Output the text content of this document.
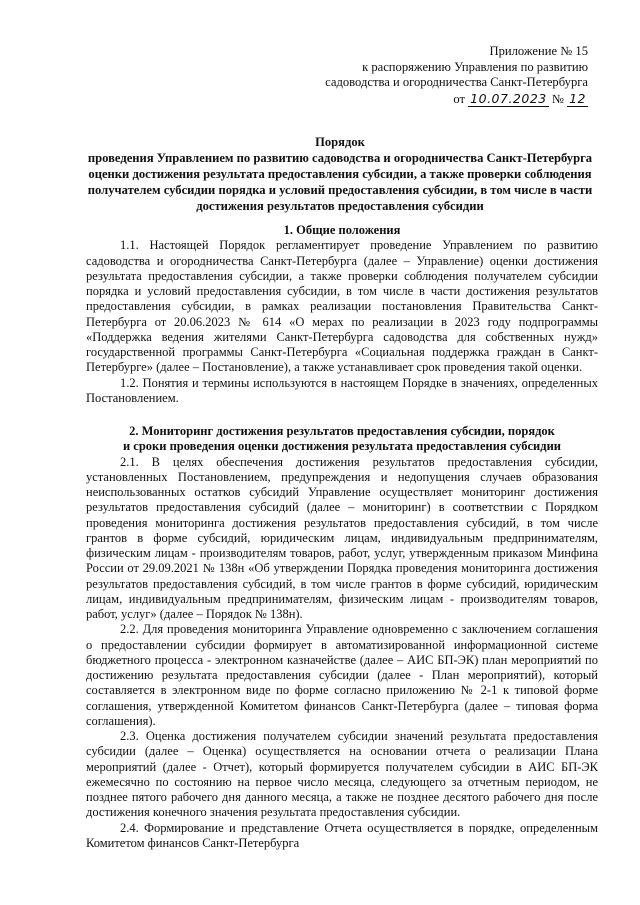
Приложение № 15
к распоряжению Управления по развитию
садоводства и огородничества Санкт-Петербурга
от 10.07.2023 № 12
Порядок
проведения Управлением по развитию садоводства и огородничества Санкт-Петербурга оценки достижения результата предоставления субсидии, а также проверки соблюдения получателем субсидии порядка и условий предоставления субсидии, в том числе в части достижения результатов предоставления субсидии

1. Общие положения

1.1. Настоящей Порядок регламентирует проведение Управлением по развитию садоводства и огородничества Санкт-Петербурга (далее – Управление) оценки достижения результата предоставления субсидии, а также проверки соблюдения получателем субсидии порядка и условий предоставления субсидии, в том числе в части достижения результатов предоставления субсидии, в рамках реализации постановления Правительства Санкт-Петербурга от 20.06.2023 № 614 «О мерах по реализации в 2023 году подпрограммы «Поддержка ведения жителями Санкт-Петербурга садоводства для собственных нужд» государственной программы Санкт-Петербурга «Социальная поддержка граждан в Санкт-Петербурге» (далее – Постановление), а также устанавливает срок проведения такой оценки.

1.2. Понятия и термины используются в настоящем Порядке в значениях, определенных Постановлением.

2. Мониторинг достижения результатов предоставления субсидии, порядок
и сроки проведения оценки достижения результата предоставления субсидии

2.1. В целях обеспечения достижения результатов предоставления субсидии, установленных Постановлением, предупреждения и недопущения случаев образования неиспользованных остатков субсидий Управление осуществляет мониторинг достижения результатов предоставления субсидий (далее – мониторинг) в соответствии с Порядком проведения мониторинга достижения результатов предоставления субсидий, в том числе грантов в форме субсидий, юридическим лицам, индивидуальным предпринимателям, физическим лицам - производителям товаров, работ, услуг, утвержденным приказом Минфина России от 29.09.2021 № 138н «Об утверждении Порядка проведения мониторинга достижения результатов предоставления субсидий, в том числе грантов в форме субсидий, юридическим лицам, индивидуальным предпринимателям, физическим лицам - производителям товаров, работ, услуг» (далее – Порядок № 138н).

2.2. Для проведения мониторинга Управление одновременно с заключением соглашения о предоставлении субсидии формирует в автоматизированной информационной системе бюджетного процесса - электронном казначействе (далее – АИС БП-ЭК) план мероприятий по достижению результата предоставления субсидии (далее - План мероприятий), который составляется в электронном виде по форме согласно приложению № 2-1 к типовой форме соглашения, утвержденной Комитетом финансов Санкт-Петербурга (далее – типовая форма соглашения).

2.3. Оценка достижения получателем субсидии значений результата предоставления субсидии (далее – Оценка) осуществляется на основании отчета о реализации Плана мероприятий (далее - Отчет), который формируется получателем субсидии в АИС БП-ЭК ежемесячно по состоянию на первое число месяца, следующего за отчетным периодом, не позднее пятого рабочего дня данного месяца, а также не позднее десятого рабочего дня после достижения конечного значения результата предоставления субсидии.

2.4. Формирование и представление Отчета осуществляется в порядке, определенным Комитетом финансов Санкт-Петербурга
